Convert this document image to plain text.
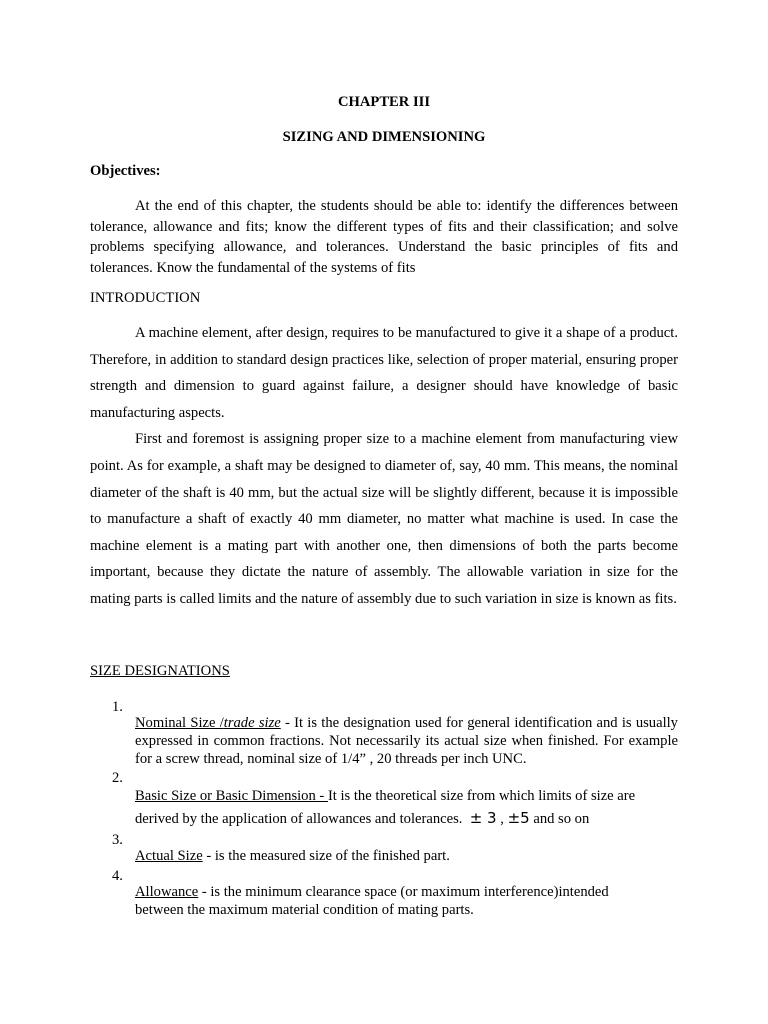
CHAPTER III

SIZING AND DIMENSIONING

Objectives:

At the end of this chapter, the students should be able to: identify the differences between tolerance, allowance and fits; know the different types of fits and their classification; and solve problems specifying allowance, and tolerances. Understand the basic principles of fits and tolerances. Know the fundamental of the systems of fits

INTRODUCTION

A machine element, after design, requires to be manufactured to give it a shape of a product. Therefore, in addition to standard design practices like, selection of proper material, ensuring proper strength and dimension to guard against failure, a designer should have knowledge of basic manufacturing aspects.

First and foremost is assigning proper size to a machine element from manufacturing view point. As for example, a shaft may be designed to diameter of, say, 40 mm. This means, the nominal diameter of the shaft is 40 mm, but the actual size will be slightly different, because it is impossible to manufacture a shaft of exactly 40 mm diameter, no matter what machine is used. In case the machine element is a mating part with another one, then dimensions of both the parts become important, because they dictate the nature of assembly. The allowable variation in size for the mating parts is called limits and the nature of assembly due to such variation in size is known as fits.

SIZE DESIGNATIONS

1.

Nominal Size /trade size - It is the designation used for general identification and is usually expressed in common fractions. Not necessarily its actual size when finished. For example for a screw thread, nominal size of 1/4” , 20 threads per inch UNC.

2.

Basic Size or Basic Dimension - It is the theoretical size from which limits of size are
derived by the application of allowances and tolerances. ± 3 , ±5 and so on

3.

Actual Size - is the measured size of the finished part.

4.

Allowance - is the minimum clearance space (or maximum interference)intended between the maximum material condition of mating parts.
